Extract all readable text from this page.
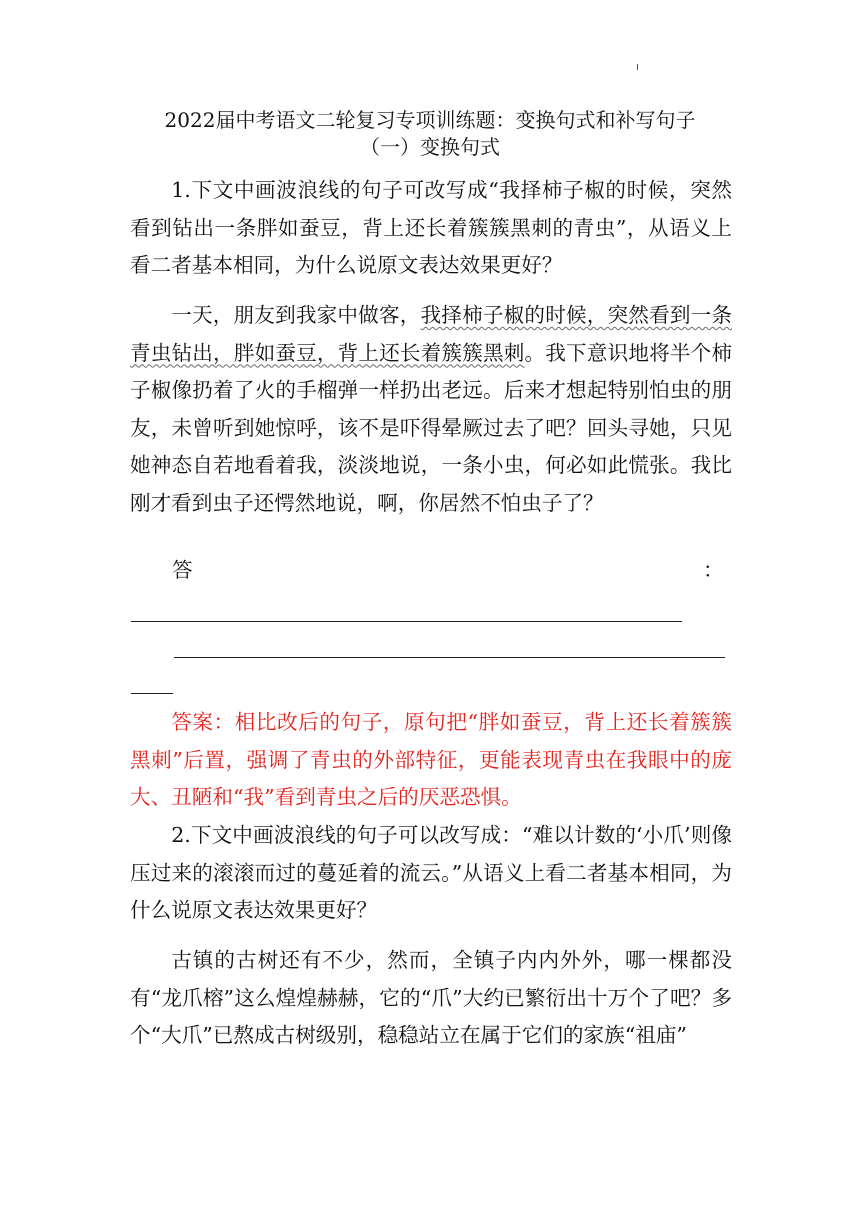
2022届中考语文二轮复习专项训练题：变换句式和补写句子
（一）变换句式

1.下文中画波浪线的句子可改写成“我择柿子椒的时候，突然看到钻出一条胖如蚕豆，背上还长着簇簇黑刺的青虫”，从语义上看二者基本相同，为什么说原文表达效果更好？

一天，朋友到我家中做客，我择柿子椒的时候，突然看到一条青虫钻出，胖如蚕豆，背上还长着簇簇黑刺。我下意识地将半个柿子椒像扔着了火的手榴弹一样扔出老远。后来才想起特别怕虫的朋友，未曾听到她惊呼，该不是吓得晕厥过去了吧？回头寻她，只见她神态自若地看着我，淡淡地说，一条小虫，何必如此慌张。我比刚才看到虫子还愕然地说，啊，你居然不怕虫子了？

答	：

答案：相比改后的句子，原句把“胖如蚕豆，背上还长着簇簇黑刺”后置，强调了青虫的外部特征，更能表现青虫在我眼中的庞大、丑陋和“我”看到青虫之后的厌恶恐惧。

2.下文中画波浪线的句子可以改写成：“难以计数的‘小爪’则像压过来的滚滚而过的蔓延着的流云。”从语义上看二者基本相同，为什么说原文表达效果更好？

古镇的古树还有不少，然而，全镇子内内外外，哪一棵都没有“龙爪榕”这么煌煌赫赫，它的“爪”大约已繁衍出十万个了吧？多个“大爪”已熬成古树级别，稳稳站立在属于它们的家族“祖庙”
